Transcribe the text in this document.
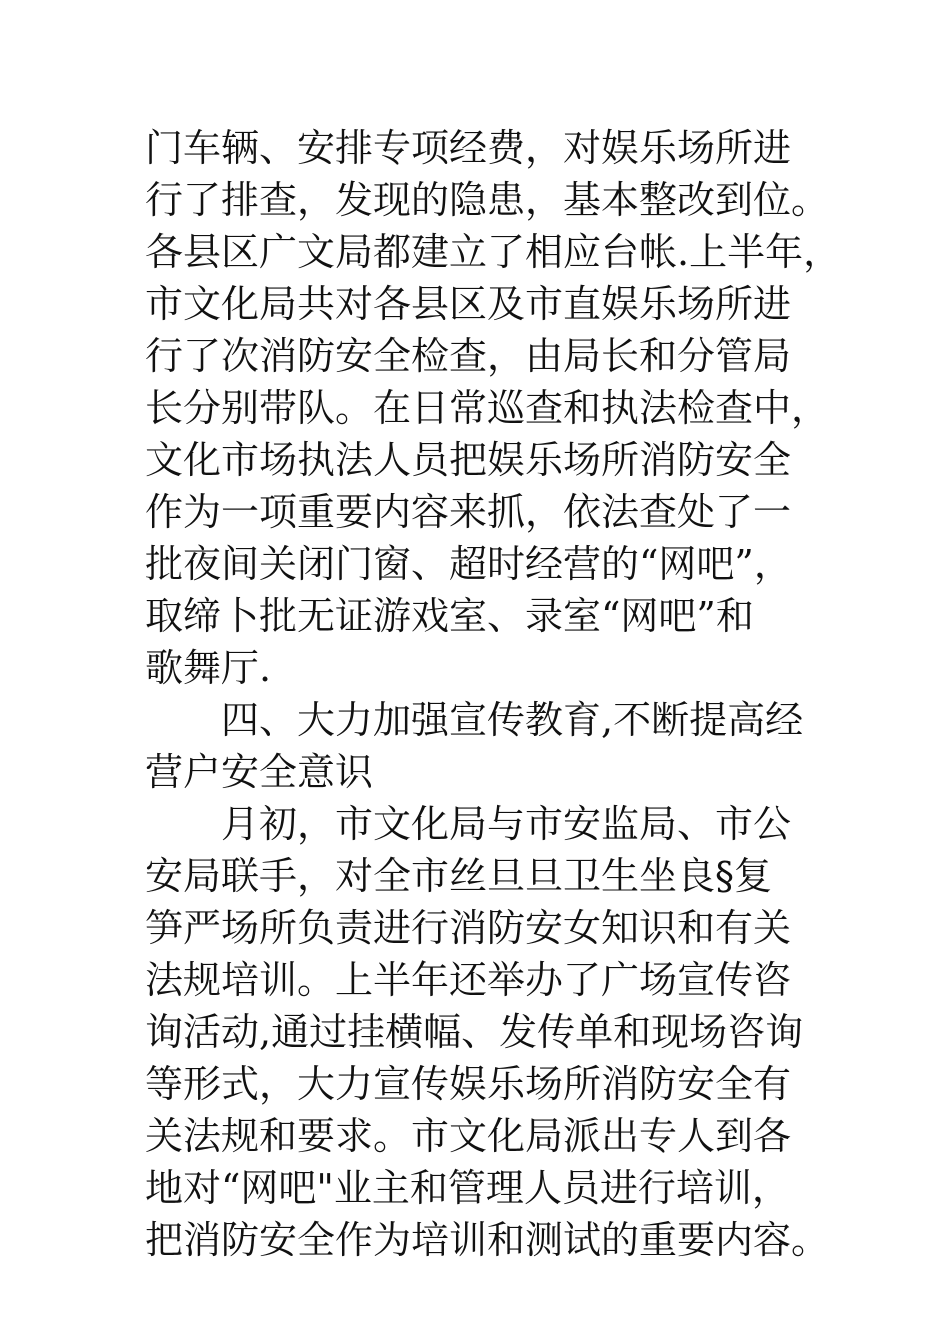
门车辆、安排专项经费，对娱乐场所进
行了排查，发现的隐患，基本整改到位。
各县区广文局都建立了相应台帐.上半年，
市文化局共对各县区及市直娱乐场所进
行了次消防安全检查，由局长和分管局
长分别带队。在日常巡查和执法检查中，
文化市场执法人员把娱乐场所消防安全
作为一项重要内容来抓，依法查处了一
批夜间关闭门窗、超时经营的“网吧”，
取缔卜批无证游戏室、录室“网吧”和
歌舞厅.
四、大力加强宣传教育,不断提高经
营户安全意识
月初，市文化局与市安监局、市公
安局联手，对全市丝旦旦卫生坐良§复
笋严场所负责进行消防安女知识和有关
法规培训。上半年还举办了广场宣传咨
询活动,通过挂横幅、发传单和现场咨询
等形式，大力宣传娱乐场所消防安全有
关法规和要求。市文化局派出专人到各
地对“网吧"业主和管理人员进行培训，
把消防安全作为培训和测试的重要内容。
